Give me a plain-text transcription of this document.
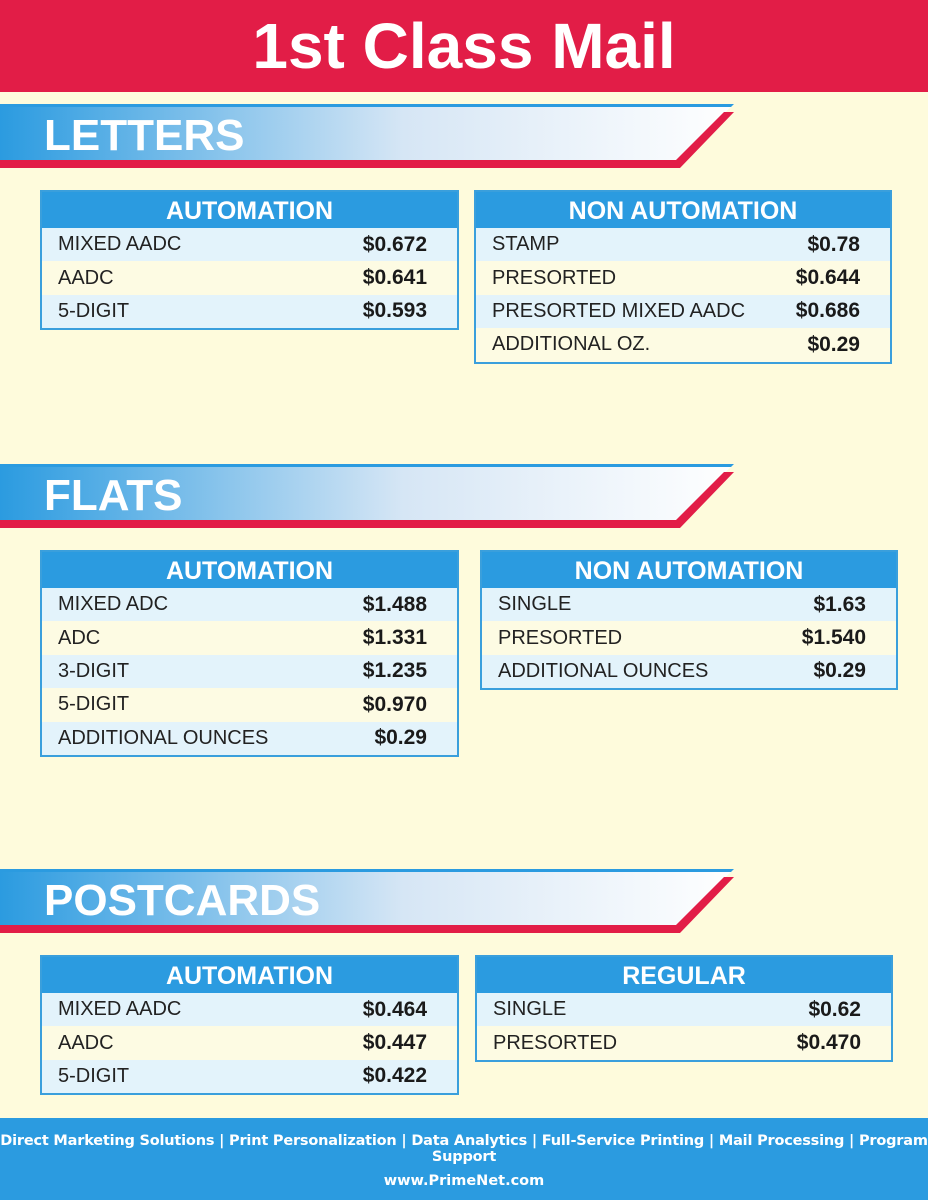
1st Class Mail
LETTERS
AUTOMATION
MIXED AADC	$0.672
AADC	$0.641
5-DIGIT	$0.593
NON AUTOMATION
STAMP	$0.78
PRESORTED	$0.644
PRESORTED MIXED AADC $0.686
ADDITIONAL OZ.	$0.29
FLATS
AUTOMATION
MIXED ADC	$1.488
ADC	$1.331
3-DIGIT	$1.235
5-DIGIT	$0.970
ADDITIONAL OUNCES	$0.29
NON AUTOMATION
SINGLE	$1.63
PRESORTED	$1.540
ADDITIONAL OUNCES	$0.29
POSTCARDS
AUTOMATION
MIXED AADC	$0.464
AADC	$0.447
5-DIGIT	$0.422
REGULAR
SINGLE	$0.62
PRESORTED	$0.470
Direct Marketing Solutions | Print Personalization | Data Analytics | Full-Service Printing | Mail Processing | Program Support
www.PrimeNet.com
